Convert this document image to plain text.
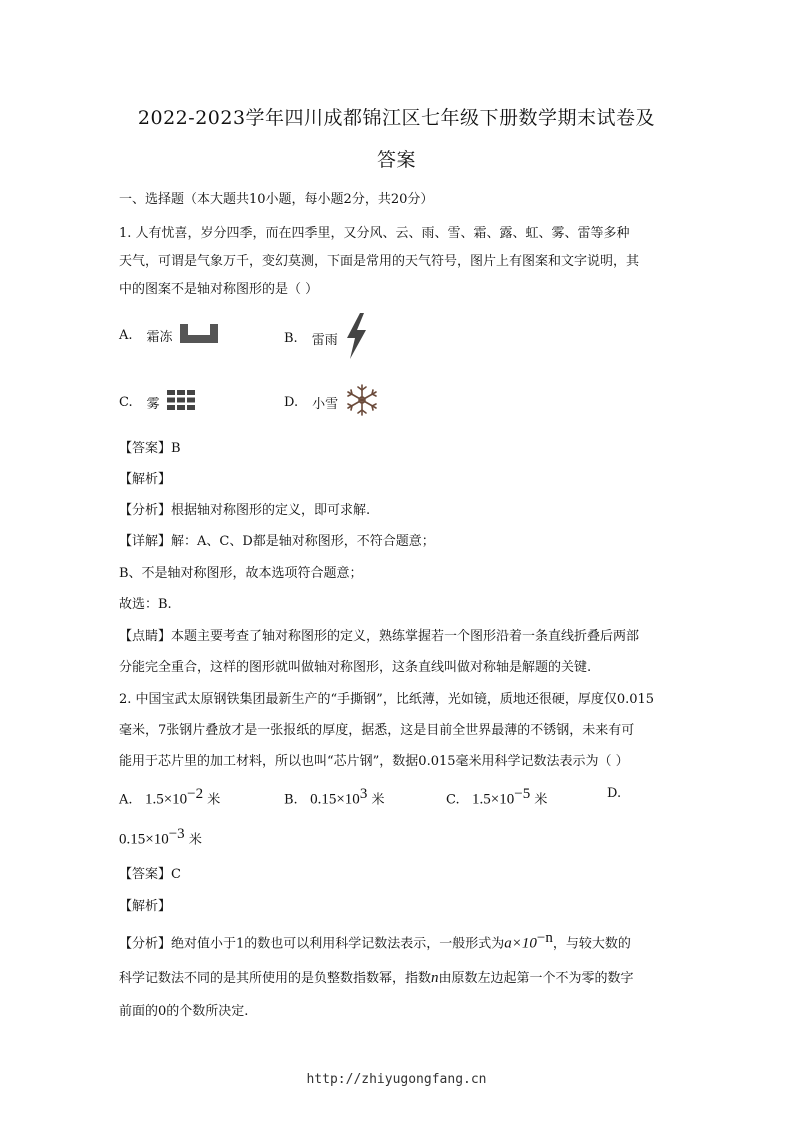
2022-2023学年四川成都锦江区七年级下册数学期末试卷及
答案
一、选择题（本大题共10小题，每小题2分，共20分）
1. 人有忧喜，岁分四季，而在四季里，又分风、云、雨、雪、霜、露、虹、雾、雷等多种
天气，可谓是气象万千，变幻莫测，下面是常用的天气符号，图片上有图案和文字说明，其
中的图案不是轴对称图形的是（ ）
A. 霜冻	B. 雷雨
C. 雾	D. 小雪
【答案】B
【解析】
【分析】根据轴对称图形的定义，即可求解.
【详解】解：A、C、D都是轴对称图形，不符合题意；
B、不是轴对称图形，故本选项符合题意；
故选：B.
【点睛】本题主要考查了轴对称图形的定义，熟练掌握若一个图形沿着一条直线折叠后两部
分能完全重合，这样的图形就叫做轴对称图形，这条直线叫做对称轴是解题的关键.
2. 中国宝武太原钢铁集团最新生产的“手撕钢”，比纸薄，光如镜，质地还很硬，厚度仅0.015
毫米，7张钢片叠放才是一张报纸的厚度，据悉，这是目前全世界最薄的不锈钢，未来有可
能用于芯片里的加工材料，所以也叫“芯片钢”，数据0.015毫米用科学记数法表示为（ ）
A. $1.5\times 10^{-2}$ 米	B. $0.15\times 10^3$ 米	C. $1.5\times 10^{-5}$ 米	D.
$0.15\times 10^{-3}$ 米
【答案】C
【解析】
【分析】绝对值小于1的数也可以利用科学记数法表示，一般形式为$a\times 10^{-n}$，与较大数的
科学记数法不同的是其所使用的是负整数指数幂，指数n由原数左边起第一个不为零的数字
前面的0的个数所决定.
http://zhiyugongfang.cn
